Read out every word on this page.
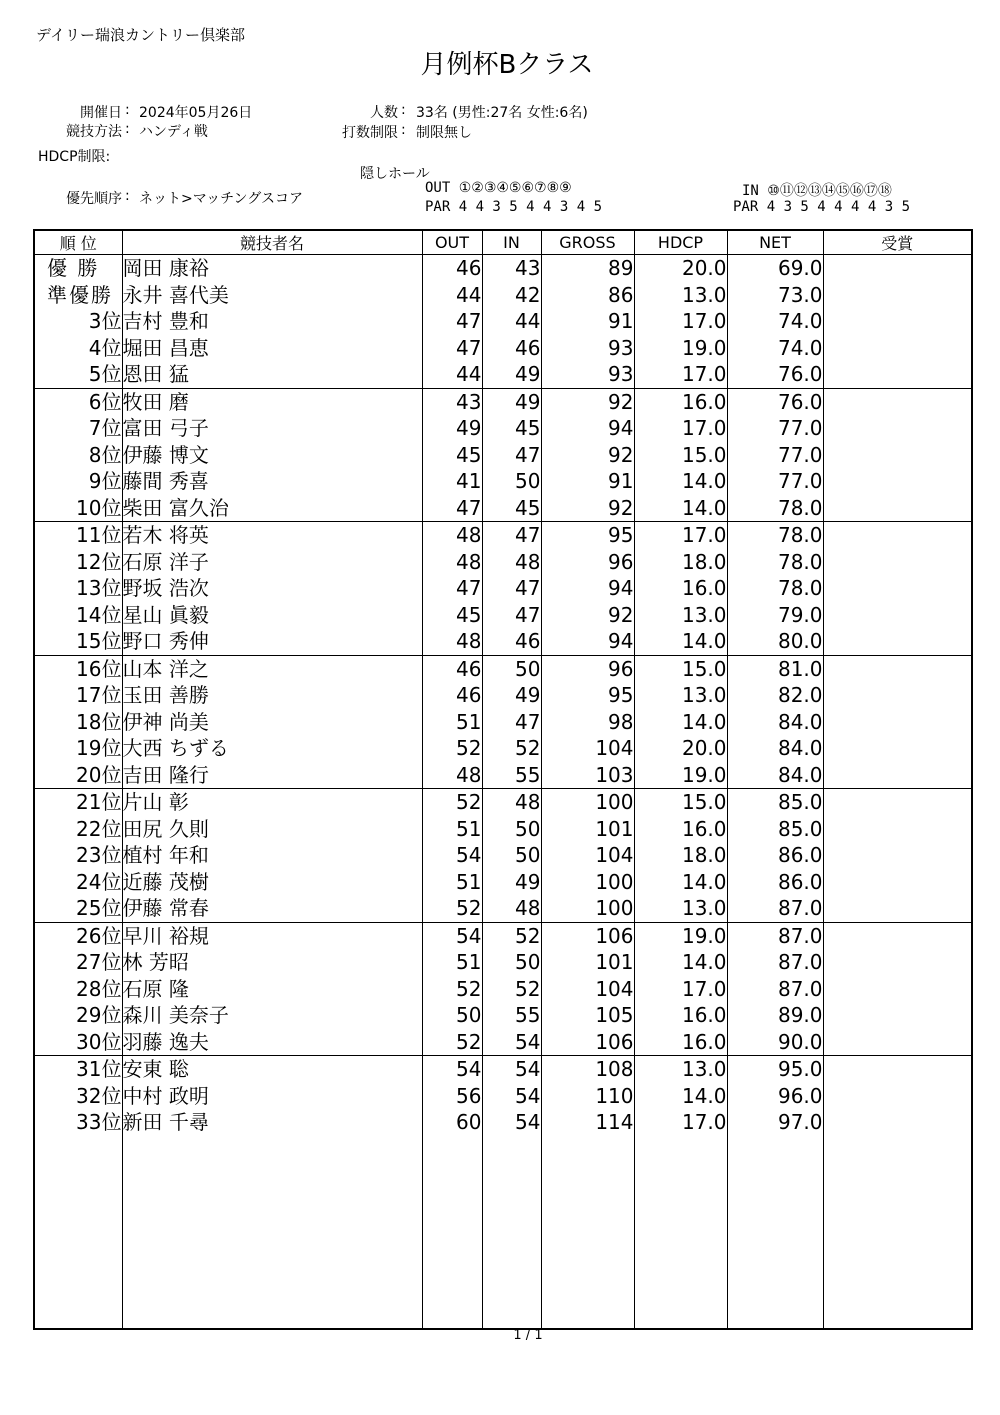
デイリー瑞浪カントリー倶楽部
月例杯Bクラス
開催日 : 2024年05月26日
競技方法 : ハンディ戦
HDCP制限:
人数 : 33名 (男性:27名 女性:6名)
打数制限 : 制限無し
隠しホール
優先順序 : ネット>マッチングスコア
OUT ①②③④⑤⑥⑦⑧⑨
PAR 4 4 3 5 4 4 3 4 5
IN ⑩⑪⑫⑬⑭⑮⑯⑰⑱
PAR 4 3 5 4 4 4 4 3 5
順 位	競技者名	OUT	IN	GROSS	HDCP	NET	受賞
優 勝	岡田 康裕	46	43	89	20.0	69.0	
準優勝	永井 喜代美	44	42	86	13.0	73.0	
3位	吉村 豊和	47	44	91	17.0	74.0	
4位	堀田 昌恵	47	46	93	19.0	74.0	
5位	恩田 猛	44	49	93	17.0	76.0	
6位	牧田 磨	43	49	92	16.0	76.0	
7位	富田 弓子	49	45	94	17.0	77.0	
8位	伊藤 博文	45	47	92	15.0	77.0	
9位	藤間 秀喜	41	50	91	14.0	77.0	
10位	柴田 富久治	47	45	92	14.0	78.0	
11位	若木 将英	48	47	95	17.0	78.0	
12位	石原 洋子	48	48	96	18.0	78.0	
13位	野坂 浩次	47	47	94	16.0	78.0	
14位	星山 眞毅	45	47	92	13.0	79.0	
15位	野口 秀伸	48	46	94	14.0	80.0	
16位	山本 洋之	46	50	96	15.0	81.0	
17位	玉田 善勝	46	49	95	13.0	82.0	
18位	伊神 尚美	51	47	98	14.0	84.0	
19位	大西 ちずる	52	52	104	20.0	84.0	
20位	吉田 隆行	48	55	103	19.0	84.0	
21位	片山 彰	52	48	100	15.0	85.0	
22位	田尻 久則	51	50	101	16.0	85.0	
23位	植村 年和	54	50	104	18.0	86.0	
24位	近藤 茂樹	51	49	100	14.0	86.0	
25位	伊藤 常春	52	48	100	13.0	87.0	
26位	早川 裕規	54	52	106	19.0	87.0	
27位	林 芳昭	51	50	101	14.0	87.0	
28位	石原 隆	52	52	104	17.0	87.0	
29位	森川 美奈子	50	55	105	16.0	89.0	
30位	羽藤 逸夫	52	54	106	16.0	90.0	
31位	安東 聡	54	54	108	13.0	95.0	
32位	中村 政明	56	54	110	14.0	96.0	
33位	新田 千尋	60	54	114	17.0	97.0	

1 / 1
